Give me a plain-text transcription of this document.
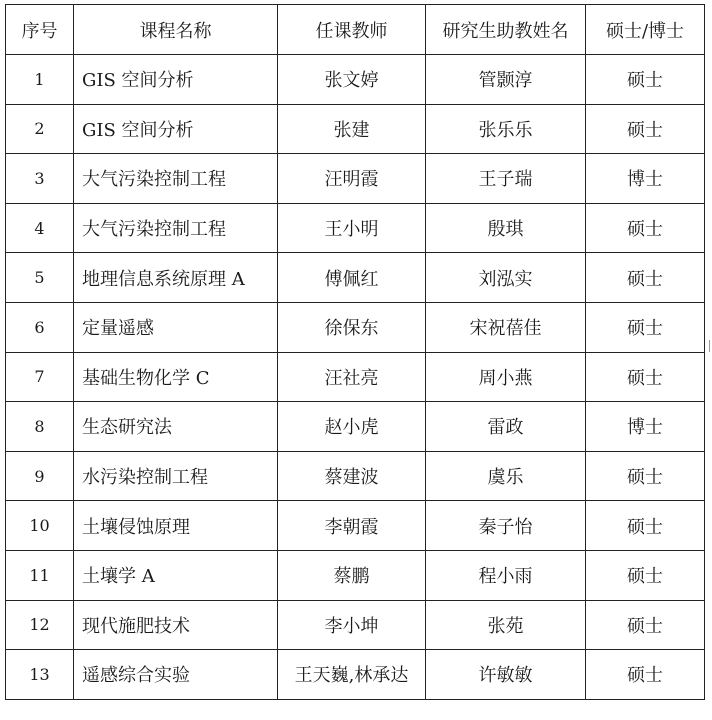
序号	课程名称	任课教师	研究生助教姓名	硕士/博士
1	GIS 空间分析	张文婷	管颢淳	硕士
2	GIS 空间分析	张建	张乐乐	硕士
3	大气污染控制工程	汪明霞	王子瑞	博士
4	大气污染控制工程	王小明	殷琪	硕士
5	地理信息系统原理 A	傅佩红	刘泓实	硕士
6	定量遥感	徐保东	宋祝蓓佳	硕士
7	基础生物化学 C	汪社亮	周小燕	硕士
8	生态研究法	赵小虎	雷政	博士
9	水污染控制工程	蔡建波	虞乐	硕士
10	土壤侵蚀原理	李朝霞	秦子怡	硕士
11	土壤学 A	蔡鹏	程小雨	硕士
12	现代施肥技术	李小坤	张苑	硕士
13	遥感综合实验	王天巍,林承达	许敏敏	硕士
